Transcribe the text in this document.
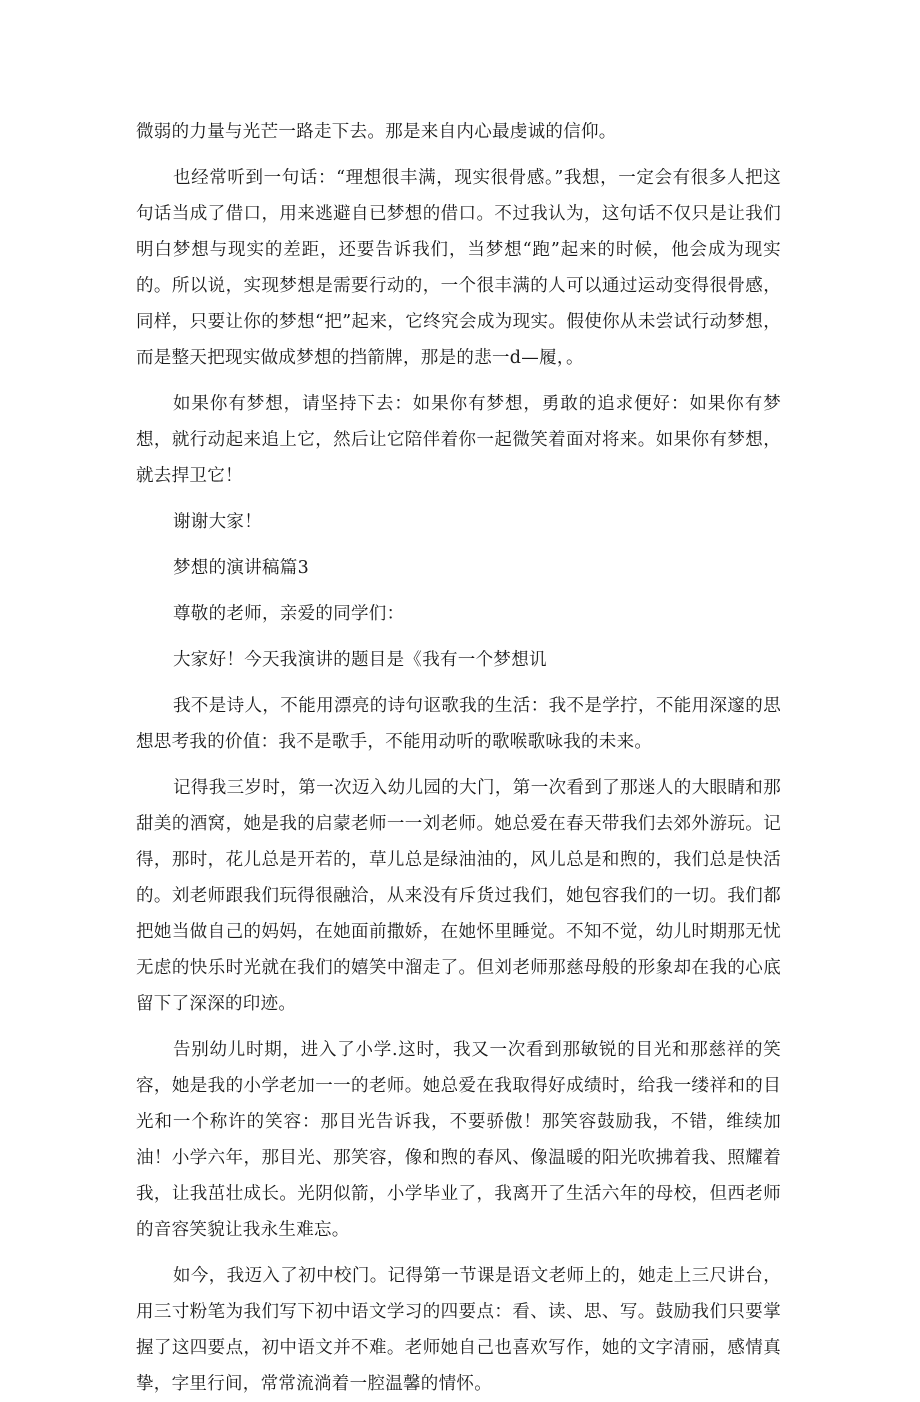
微弱的力量与光芒一路走下去。那是来自内心最虔诚的信仰。

也经常听到一句话：“理想很丰满，现实很骨感。”我想，一定会有很多人把这句话当成了借口，用来逃避自已梦想的借口。不过我认为，这句话不仅只是让我们明白梦想与现实的差距，还要告诉我们，当梦想“跑”起来的时候，他会成为现实的。所以说，实现梦想是需要行动的，一个很丰满的人可以通过运动变得很骨感，同样，只要让你的梦想“把”起来，它终究会成为现实。假使你从未尝试行动梦想，而是整天把现实做成梦想的挡箭牌，那是的悲一d—履，。

如果你有梦想，请坚持下去：如果你有梦想，勇敢的追求便好：如果你有梦想，就行动起来追上它，然后让它陪伴着你一起微笑着面对将来。如果你有梦想，就去捍卫它！

谢谢大家！

梦想的演讲稿篇3

尊敬的老师，亲爱的同学们：

大家好！今天我演讲的题目是《我有一个梦想讥

我不是诗人，不能用漂亮的诗句讴歌我的生活：我不是学拧，不能用深邃的思想思考我的价值：我不是歌手，不能用动听的歌喉歌咏我的未来。

记得我三岁时，第一次迈入幼儿园的大门，第一次看到了那迷人的大眼睛和那甜美的酒窝，她是我的启蒙老师一一刘老师。她总爱在春天带我们去郊外游玩。记得，那时，花儿总是开若的，草儿总是绿油油的，风儿总是和煦的，我们总是快活的。刘老师跟我们玩得很融洽，从来没有斥货过我们，她包容我们的一切。我们都把她当做自己的妈妈，在她面前撒娇，在她怀里睡觉。不知不觉，幼儿时期那无忧无虑的快乐时光就在我们的嬉笑中溜走了。但刘老师那慈母般的形象却在我的心底留下了深深的印迹。

告别幼儿时期，进入了小学.这时，我又一次看到那敏锐的目光和那慈祥的笑容，她是我的小学老加一一的老师。她总爱在我取得好成绩时，给我一缕祥和的目光和一个称许的笑容：那目光告诉我，不要骄傲！那笑容鼓励我，不错，维续加油！小学六年，那目光、那笑容，像和煦的春风、像温暖的阳光吹拂着我、照耀着我，让我茁壮成长。光阴似箭，小学毕业了，我离开了生活六年的母校，但西老师的音容笑貌让我永生难忘。

如今，我迈入了初中校门。记得第一节课是语文老师上的，她走上三尺讲台，用三寸粉笔为我们写下初中语文学习的四要点：看、读、思、写。鼓励我们只要掌握了这四要点，初中语文并不难。老师她自己也喜欢写作，她的文字清丽，感情真挚，字里行间，常常流淌着一腔温馨的情怀。
